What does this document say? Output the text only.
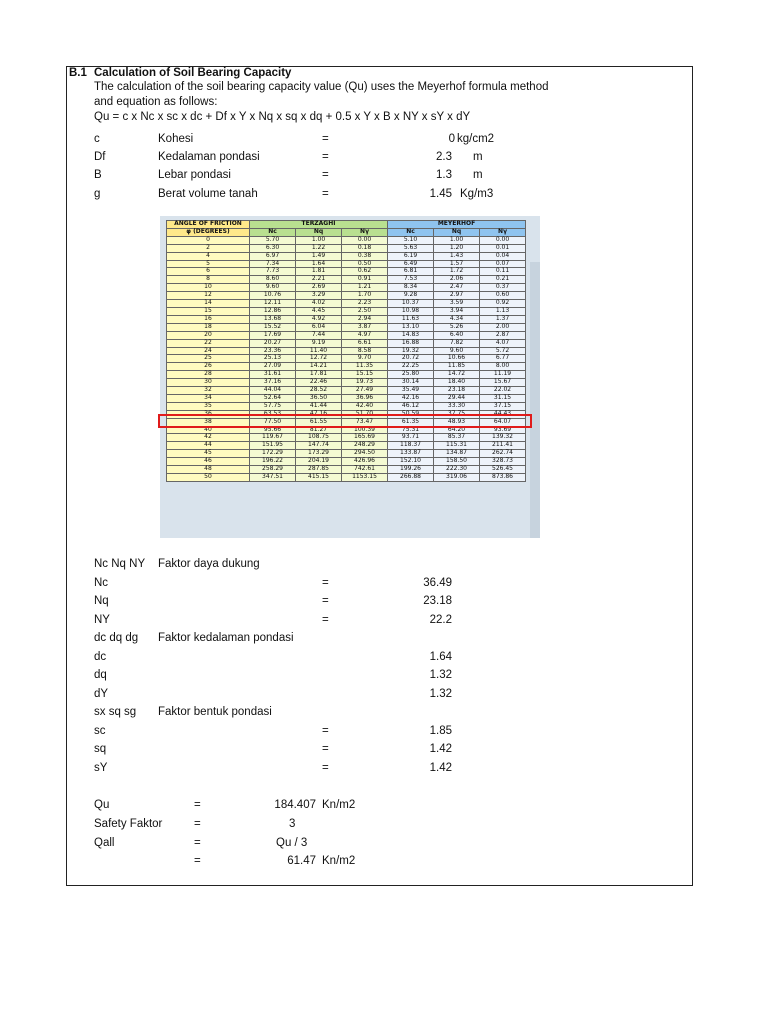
B.1 Calculation of Soil Bearing Capacity
The calculation of the soil bearing capacity value (Qu) uses the Meyerhof formula method
and equation as follows:
Qu = c x Nc x sc x dc + Df x Y x Nq x sq x dq + 0.5 x Y x B x NY x sY x dY
c	Kohesi	=	0 kg/cm2
Df	Kedalaman pondasi	=	2.3 m
B	Lebar pondasi	=	1.3 m
g	Berat volume tanah	=	1.45 Kg/m3
ANGLE OF FRICTION	TERZAGHI			MEYERHOF		
φ (DEGREES)	Nc	Nq	Nγ	Nc	Nq	Nγ
0	5.70	1.00	0.00	5.10	1.00	0.00
2	6.30	1.22	0.18	5.63	1.20	0.01
4	6.97	1.49	0.38	6.19	1.43	0.04
5	7.34	1.64	0.50	6.49	1.57	0.07
6	7.73	1.81	0.62	6.81	1.72	0.11
8	8.60	2.21	0.91	7.53	2.06	0.21
10	9.60	2.69	1.21	8.34	2.47	0.37
12	10.76	3.29	1.70	9.28	2.97	0.60
14	12.11	4.02	2.23	10.37	3.59	0.92
15	12.86	4.45	2.50	10.98	3.94	1.13
16	13.68	4.92	2.94	11.63	4.34	1.37
18	15.52	6.04	3.87	13.10	5.26	2.00
20	17.69	7.44	4.97	14.83	6.40	2.87
22	20.27	9.19	6.61	16.88	7.82	4.07
24	23.36	11.40	8.58	19.32	9.60	5.72
25	25.13	12.72	9.70	20.72	10.66	6.77
26	27.09	14.21	11.35	22.25	11.85	8.00
28	31.61	17.81	15.15	25.80	14.72	11.19
30	37.16	22.46	19.73	30.14	18.40	15.67
32	44.04	28.52	27.49	35.49	23.18	22.02
34	52.64	36.50	36.96	42.16	29.44	31.15
35	57.75	41.44	42.40	46.12	33.30	37.15
36	63.53	47.16	51.70	50.59	37.75	44.43
38	77.50	61.55	73.47	61.35	48.93	64.07
40	95.66	81.27	100.39	75.31	64.20	93.69
42	119.67	108.75	165.69	93.71	85.37	139.32
44	151.95	147.74	248.29	118.37	115.31	211.41
45	172.29	173.29	294.50	133.87	134.87	262.74
46	196.22	204.19	426.96	152.10	158.50	328.73
48	258.29	287.85	742.61	199.26	222.30	526.45
50	347.51	415.15	1153.15	266.88	319.06	873.86
Nc Nq NY Faktor daya dukung
Nc	=	36.49
Nq	=	23.18
NY	=	22.2
dc dq dg Faktor kedalaman pondasi
dc	1.64
dq	1.32
dY	1.32
sx sq sg Faktor bentuk pondasi
sc	=	1.85
sq	=	1.42
sY	=	1.42
Qu	=	184.407 Kn/m2
Safety Faktor	=	3
Qall	=	Qu / 3
=	61.47 Kn/m2
